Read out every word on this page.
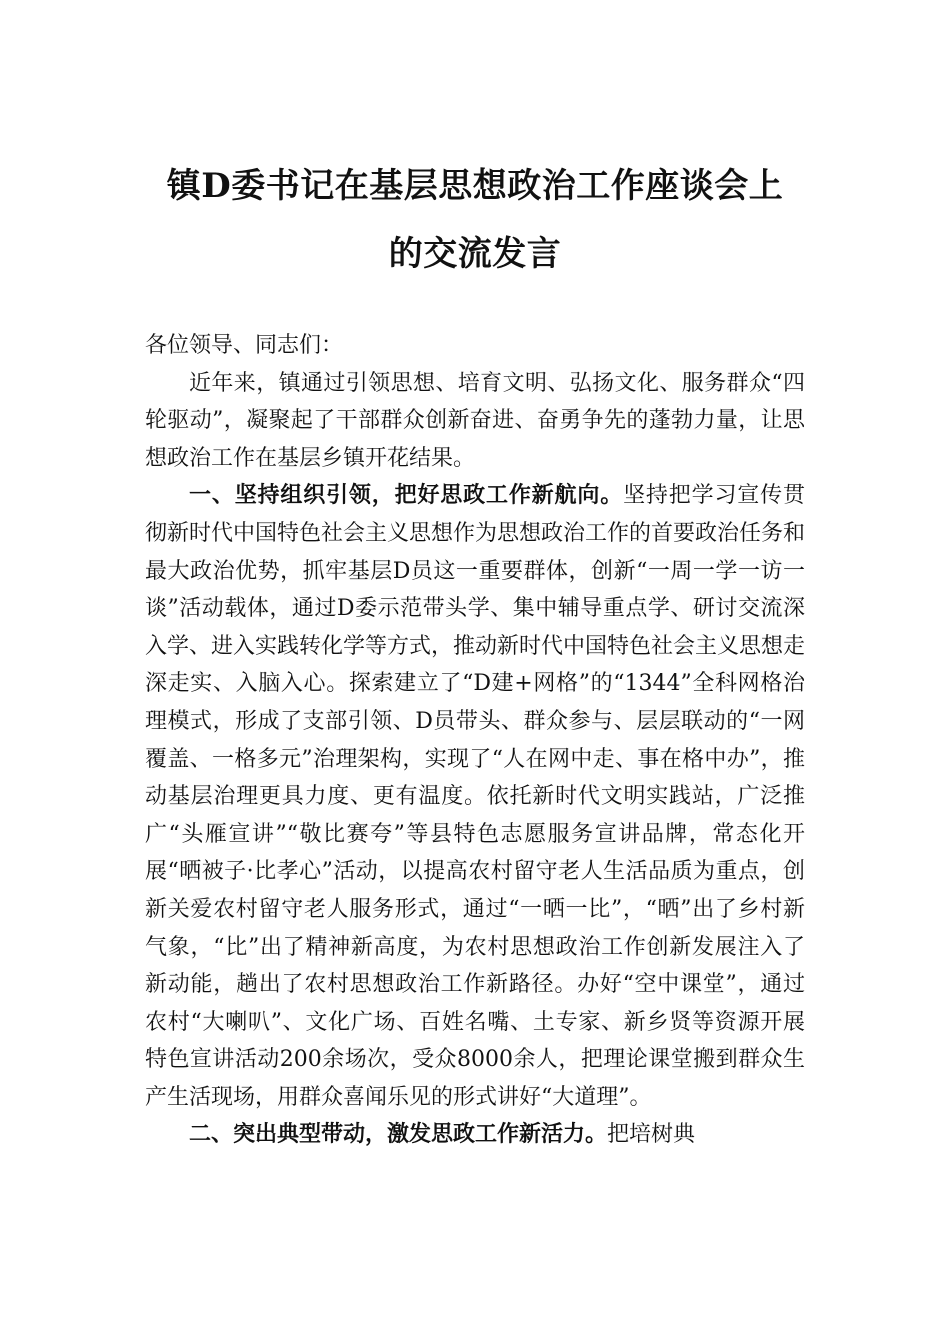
镇D委书记在基层思想政治工作座谈会上
的交流发言

各位领导、同志们：

近年来，镇通过引领思想、培育文明、弘扬文化、服务群众“四轮驱动”，凝聚起了干部群众创新奋进、奋勇争先的蓬勃力量，让思想政治工作在基层乡镇开花结果。

一、坚持组织引领，把好思政工作新航向。坚持把学习宣传贯彻新时代中国特色社会主义思想作为思想政治工作的首要政治任务和最大政治优势，抓牢基层D员这一重要群体，创新“一周一学一访一谈”活动载体，通过D委示范带头学、集中辅导重点学、研讨交流深入学、进入实践转化学等方式，推动新时代中国特色社会主义思想走深走实、入脑入心。探索建立了“D建+网格”的“1344”全科网格治理模式，形成了支部引领、D员带头、群众参与、层层联动的“一网覆盖、一格多元”治理架构，实现了“人在网中走、事在格中办”，推动基层治理更具力度、更有温度。依托新时代文明实践站，广泛推广“头雁宣讲”“敬比赛夸”等县特色志愿服务宣讲品牌，常态化开展“晒被子·比孝心”活动，以提高农村留守老人生活品质为重点，创新关爱农村留守老人服务形式，通过“一晒一比”，“晒”出了乡村新气象，“比”出了精神新高度，为农村思想政治工作创新发展注入了新动能，趟出了农村思想政治工作新路径。办好“空中课堂”，通过农村“大喇叭”、文化广场、百姓名嘴、土专家、新乡贤等资源开展特色宣讲活动200余场次，受众8000余人，把理论课堂搬到群众生产生活现场，用群众喜闻乐见的形式讲好“大道理”。

二、突出典型带动，激发思政工作新活力。把培树典
